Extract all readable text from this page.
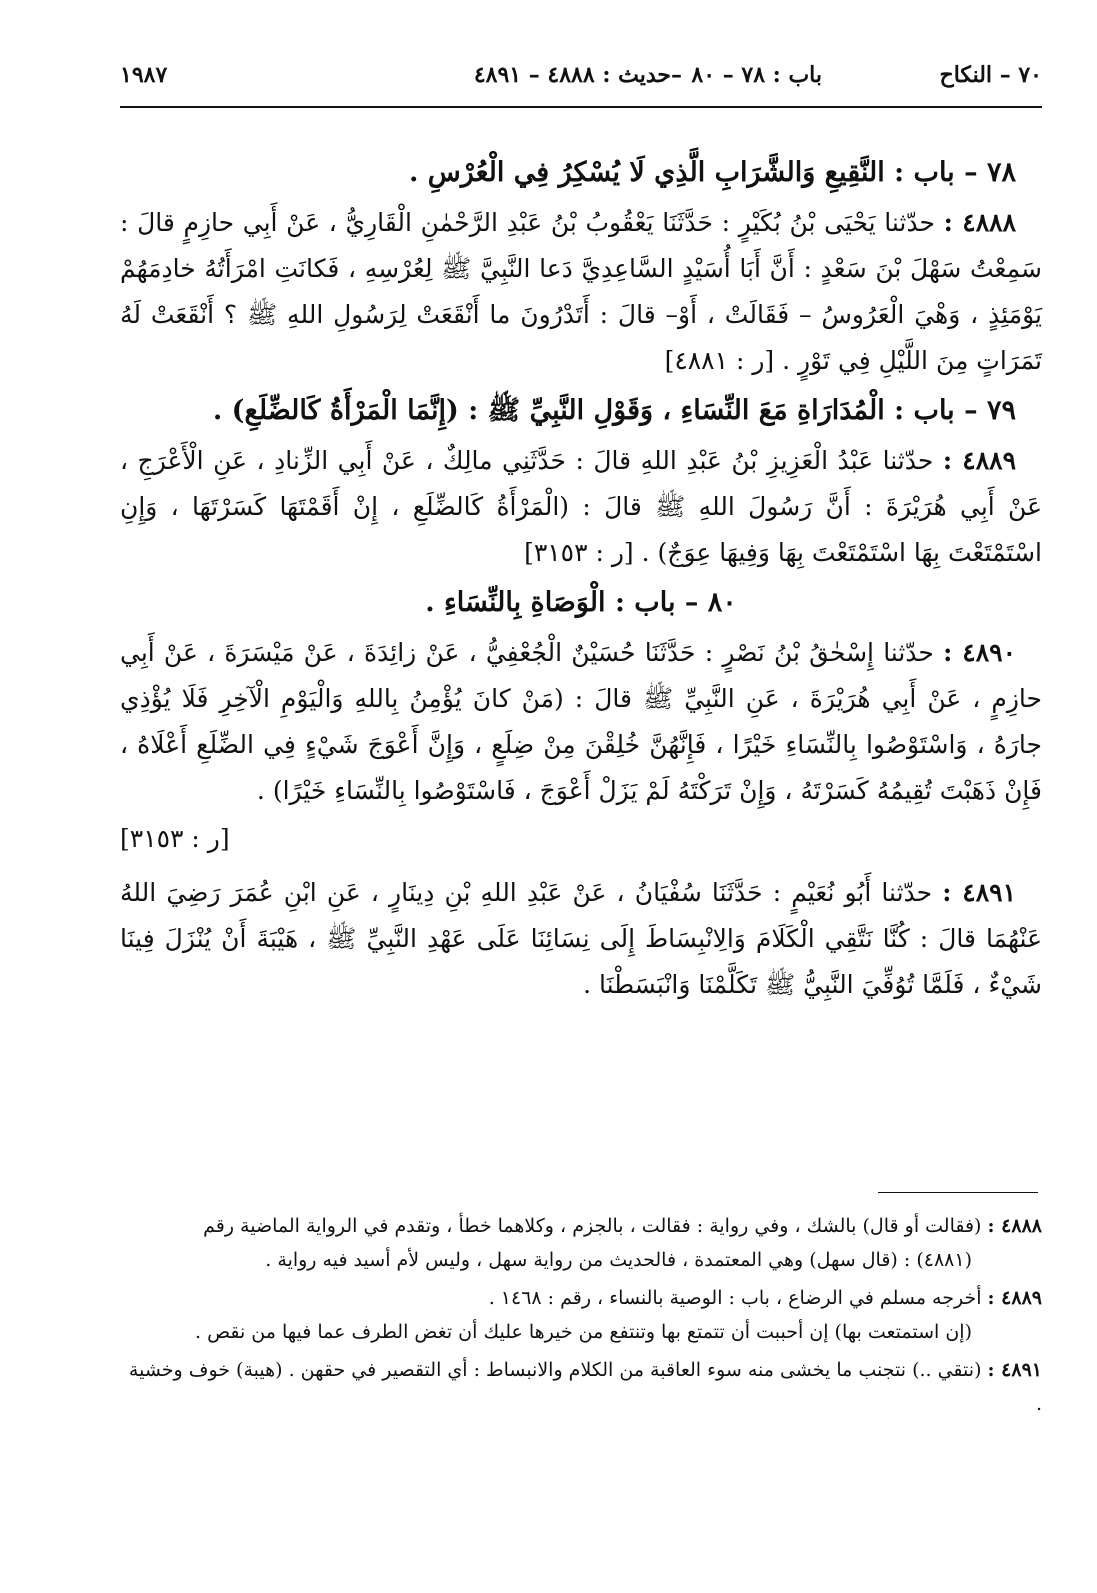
٧٠ – النكاح
باب : ٧٨ – ٨٠
–حديث : ٤٨٨٨ – ٤٨٩١
١٩٨٧

٧٨ – باب : النَّقِيعِ وَالشَّرَابِ الَّذِي لَا يُسْكِرُ فِي الْعُرْسِ .

٤٨٨٨ : حدّثنا يَحْيَى بْنُ بُكَيْرٍ : حَدَّثَنَا يَعْقُوبُ بْنُ عَبْدِ الرَّحْمٰنِ الْقَارِيُّ ، عَنْ أَبِي حازِمٍ قالَ : سَمِعْتُ سَهْلَ بْنَ سَعْدٍ : أَنَّ أَبَا أُسَيْدٍ السَّاعِدِيَّ دَعا النَّبِيَّ ﷺ لِعُرْسِهِ ، فَكانَتِ امْرَأَتُهُ خادِمَهُمْ يَوْمَئِذٍ ، وَهْيَ الْعَرُوسُ – فَقَالَتْ ، أَوْ– قالَ : أَتَدْرُونَ ما أَنْقَعَتْ لِرَسُولِ اللهِ ﷺ ؟ أَنْقَعَتْ لَهُ تَمَرَاتٍ مِنَ اللَّيْلِ فِي تَوْرٍ . [ر : ٤٨٨١]

٧٩ – باب : الْمُدَارَاةِ مَعَ النِّسَاءِ ، وَقَوْلِ النَّبِيِّ ﷺ : (إِنَّمَا الْمَرْأَةُ كَالضِّلَعِ) .

٤٨٨٩ : حدّثنا عَبْدُ الْعَزِيزِ بْنُ عَبْدِ اللهِ قالَ : حَدَّثَنِي مالِكٌ ، عَنْ أَبِي الزِّنادِ ، عَنِ الْأَعْرَجِ ، عَنْ أَبِي هُرَيْرَةَ : أَنَّ رَسُولَ اللهِ ﷺ قالَ : (الْمَرْأَةُ كَالضِّلَعِ ، إِنْ أَقَمْتَهَا كَسَرْتَهَا ، وَإِنِ اسْتَمْتَعْتَ بِهَا اسْتَمْتَعْتَ بِهَا وَفِيهَا عِوَجٌ) . [ر : ٣١٥٣]

٨٠ – باب : الْوَصَاةِ بِالنِّسَاءِ .

٤٨٩٠ : حدّثنا إِسْحٰقُ بْنُ نَصْرٍ : حَدَّثَنَا حُسَيْنٌ الْجُعْفِيُّ ، عَنْ زائِدَةَ ، عَنْ مَيْسَرَةَ ، عَنْ أَبِي حازِمٍ ، عَنْ أَبِي هُرَيْرَةَ ، عَنِ النَّبِيِّ ﷺ قالَ : (مَنْ كانَ يُؤْمِنُ بِاللهِ وَالْيَوْمِ الْآخِرِ فَلَا يُؤْذِي جارَهُ ، وَاسْتَوْصُوا بِالنِّسَاءِ خَيْرًا ، فَإِنَّهُنَّ خُلِقْنَ مِنْ ضِلَعٍ ، وَإِنَّ أَعْوَجَ شَيْءٍ فِي الضِّلَعِ أَعْلَاهُ ، فَإِنْ ذَهَبْتَ تُقِيمُهُ كَسَرْتَهُ ، وَإِنْ تَرَكْتَهُ لَمْ يَزَلْ أَعْوَجَ ، فَاسْتَوْصُوا بِالنِّسَاءِ خَيْرًا) .

[ر : ٣١٥٣]

٤٨٩١ : حدّثنا أَبُو نُعَيْمٍ : حَدَّثَنَا سُفْيَانُ ، عَنْ عَبْدِ اللهِ بْنِ دِينَارٍ ، عَنِ ابْنِ عُمَرَ رَضِيَ اللهُ عَنْهُمَا قالَ : كُنَّا نَتَّقِي الْكَلَامَ وَالِانْبِسَاطَ إِلَى نِسَائِنَا عَلَى عَهْدِ النَّبِيِّ ﷺ ، هَيْبَةَ أَنْ يُنْزَلَ فِينَا شَيْءٌ ، فَلَمَّا تُوُفِّيَ النَّبِيُّ ﷺ تَكَلَّمْنَا وَانْبَسَطْنَا .

٤٨٨٨ : (فقالت أو قال) بالشك ، وفي رواية : فقالت ، بالجزم ، وكلاهما خطأ ، وتقدم في الرواية الماضية رقم
(٤٨٨١) : (قال سهل) وهي المعتمدة ، فالحديث من رواية سهل ، وليس لأم أسيد فيه رواية .
٤٨٨٩ : أخرجه مسلم في الرضاع ، باب : الوصية بالنساء ، رقم : ١٤٦٨ .
(إن استمتعت بها) إن أحببت أن تتمتع بها وتنتفع من خيرها عليك أن تغض الطرف عما فيها من نقص .
٤٨٩١ : (نتقي ..) نتجنب ما يخشى منه سوء العاقبة من الكلام والانبساط : أي التقصير في حقهن . (هيبة) خوف وخشية .
